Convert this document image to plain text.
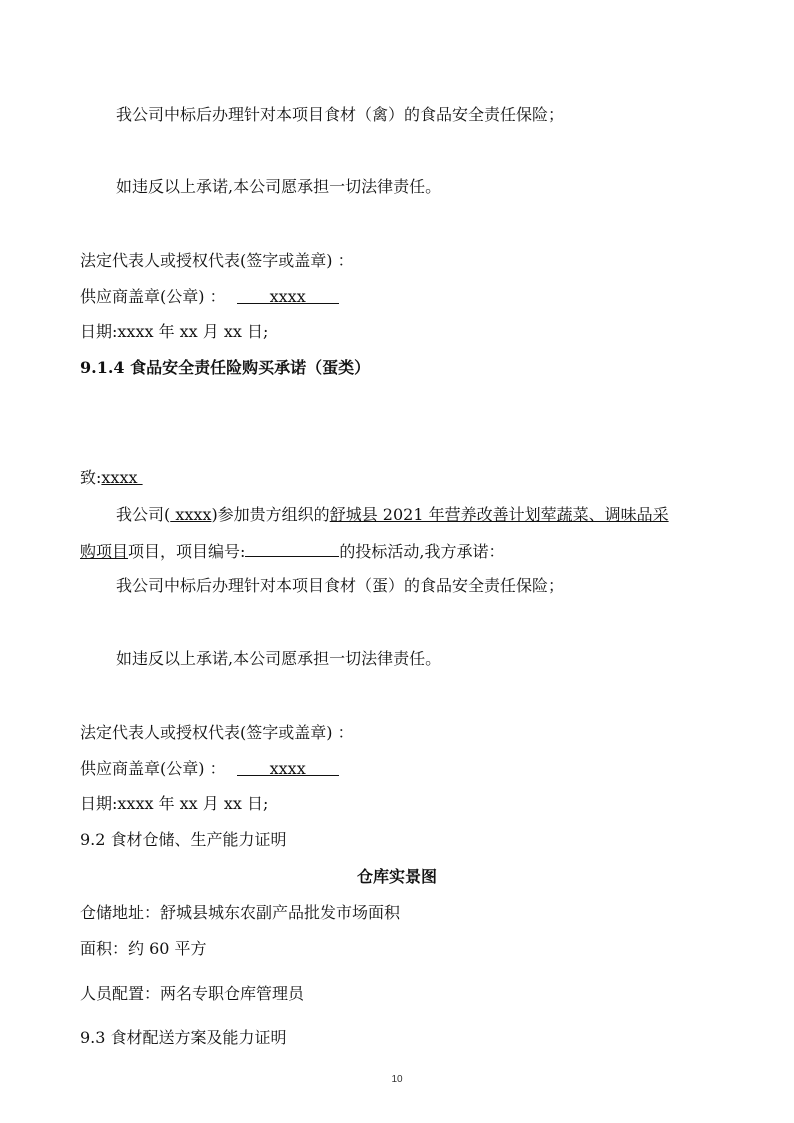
我公司中标后办理针对本项目食材（禽）的食品安全责任保险；
如违反以上承诺,本公司愿承担一切法律责任。
法定代表人或授权代表(签字或盖章) ：
供应商盖章(公章) ：	xxxx
日期:xxxx 年 xx 月 xx 日;
9.1.4 食品安全责任险购买承诺（蛋类）
致:xxxx
我公司( xxxx)参加贵方组织的舒城县 2021 年营养改善计划荤蔬菜、调味品采
购项目项目，项目编号:	的投标活动,我方承诺：
我公司中标后办理针对本项目食材（蛋）的食品安全责任保险；
如违反以上承诺,本公司愿承担一切法律责任。
法定代表人或授权代表(签字或盖章) ：
供应商盖章(公章) ：	xxxx
日期:xxxx 年 xx 月 xx 日;
9.2 食材仓储、生产能力证明
仓库实景图
仓储地址：舒城县城东农副产品批发市场面积
面积：约 60 平方
人员配置：两名专职仓库管理员
9.3 食材配送方案及能力证明
10
